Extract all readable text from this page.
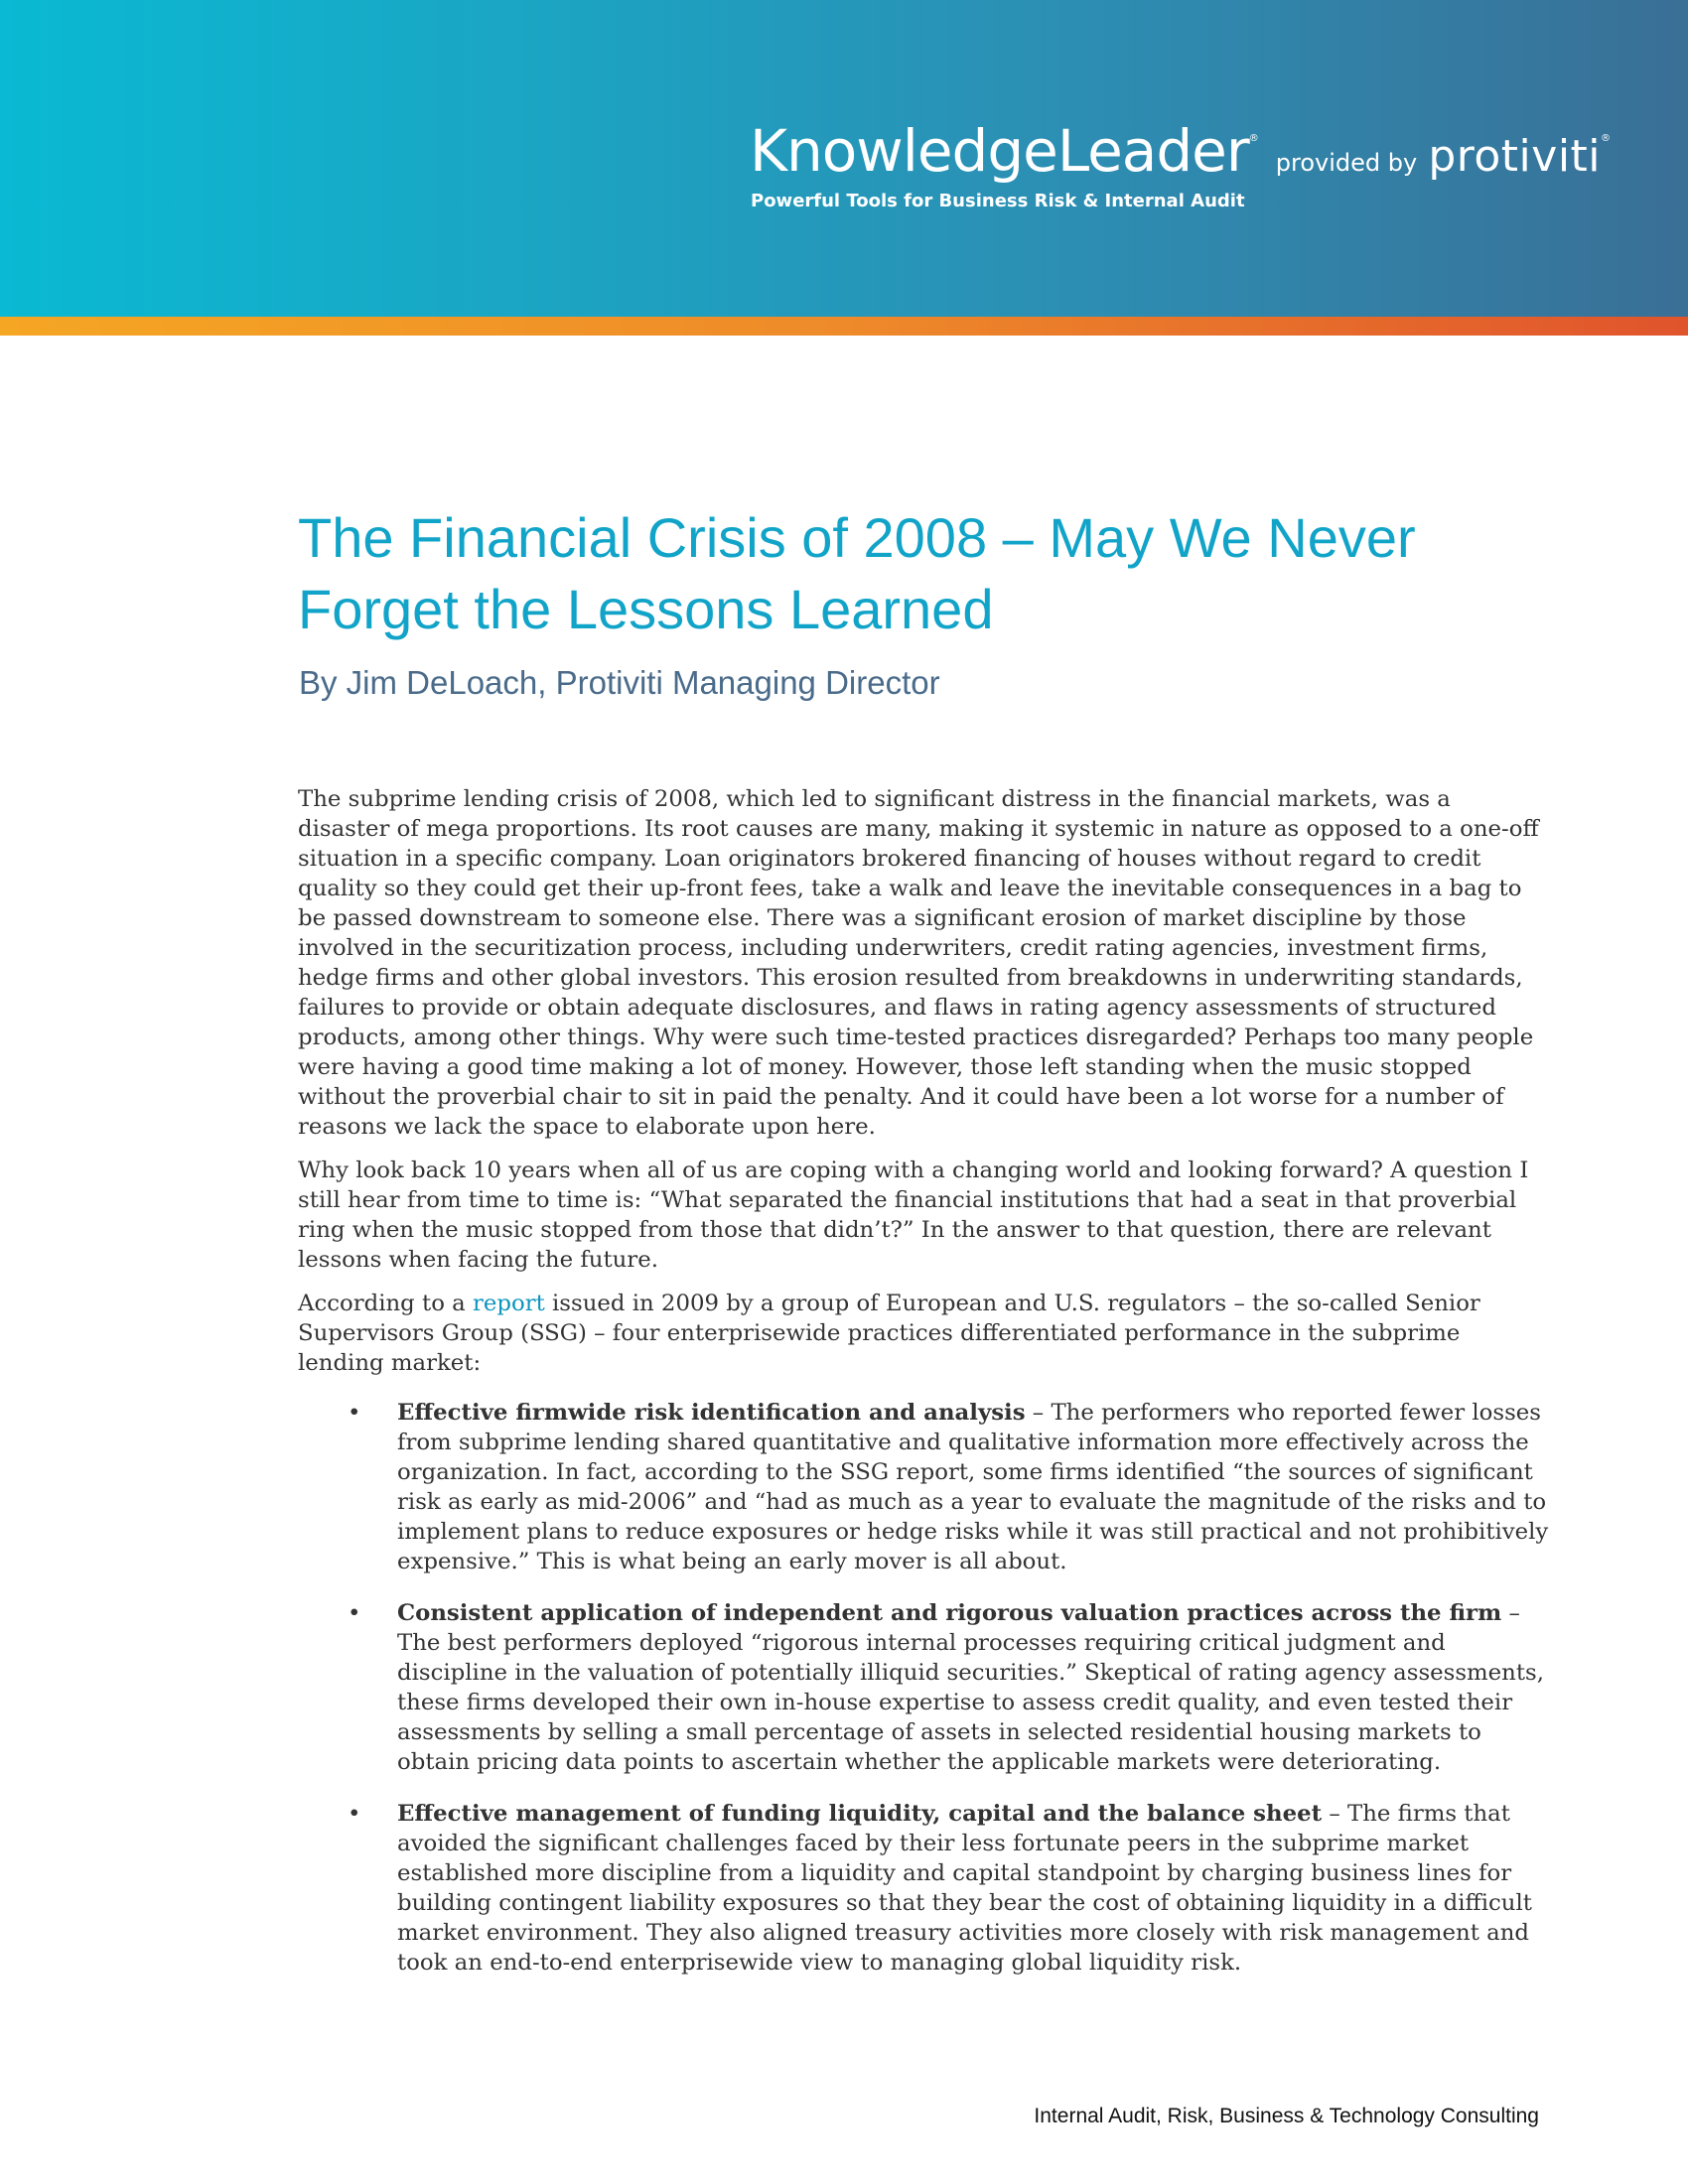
KnowledgeLeader® provided by protiviti®
Powerful Tools for Business Risk & Internal Audit
The Financial Crisis of 2008 – May We Never Forget the Lessons Learned
By Jim DeLoach, Protiviti Managing Director

The subprime lending crisis of 2008, which led to significant distress in the financial markets, was a disaster of mega proportions. Its root causes are many, making it systemic in nature as opposed to a one-off situation in a specific company. Loan originators brokered financing of houses without regard to credit quality so they could get their up-front fees, take a walk and leave the inevitable consequences in a bag to be passed downstream to someone else. There was a significant erosion of market discipline by those involved in the securitization process, including underwriters, credit rating agencies, investment firms, hedge firms and other global investors. This erosion resulted from breakdowns in underwriting standards, failures to provide or obtain adequate disclosures, and flaws in rating agency assessments of structured products, among other things. Why were such time-tested practices disregarded? Perhaps too many people were having a good time making a lot of money. However, those left standing when the music stopped without the proverbial chair to sit in paid the penalty. And it could have been a lot worse for a number of reasons we lack the space to elaborate upon here.

Why look back 10 years when all of us are coping with a changing world and looking forward? A question I still hear from time to time is: “What separated the financial institutions that had a seat in that proverbial ring when the music stopped from those that didn’t?” In the answer to that question, there are relevant lessons when facing the future.

According to a report issued in 2009 by a group of European and U.S. regulators – the so-called Senior Supervisors Group (SSG) – four enterprisewide practices differentiated performance in the subprime lending market:

• Effective firmwide risk identification and analysis – The performers who reported fewer losses from subprime lending shared quantitative and qualitative information more effectively across the organization. In fact, according to the SSG report, some firms identified “the sources of significant risk as early as mid-2006” and “had as much as a year to evaluate the magnitude of the risks and to implement plans to reduce exposures or hedge risks while it was still practical and not prohibitively expensive.” This is what being an early mover is all about.
• Consistent application of independent and rigorous valuation practices across the firm – The best performers deployed “rigorous internal processes requiring critical judgment and discipline in the valuation of potentially illiquid securities.” Skeptical of rating agency assessments, these firms developed their own in-house expertise to assess credit quality, and even tested their assessments by selling a small percentage of assets in selected residential housing markets to obtain pricing data points to ascertain whether the applicable markets were deteriorating.
• Effective management of funding liquidity, capital and the balance sheet – The firms that avoided the significant challenges faced by their less fortunate peers in the subprime market established more discipline from a liquidity and capital standpoint by charging business lines for building contingent liability exposures so that they bear the cost of obtaining liquidity in a difficult market environment. They also aligned treasury activities more closely with risk management and took an end-to-end enterprisewide view to managing global liquidity risk.
Internal Audit, Risk, Business & Technology Consulting
